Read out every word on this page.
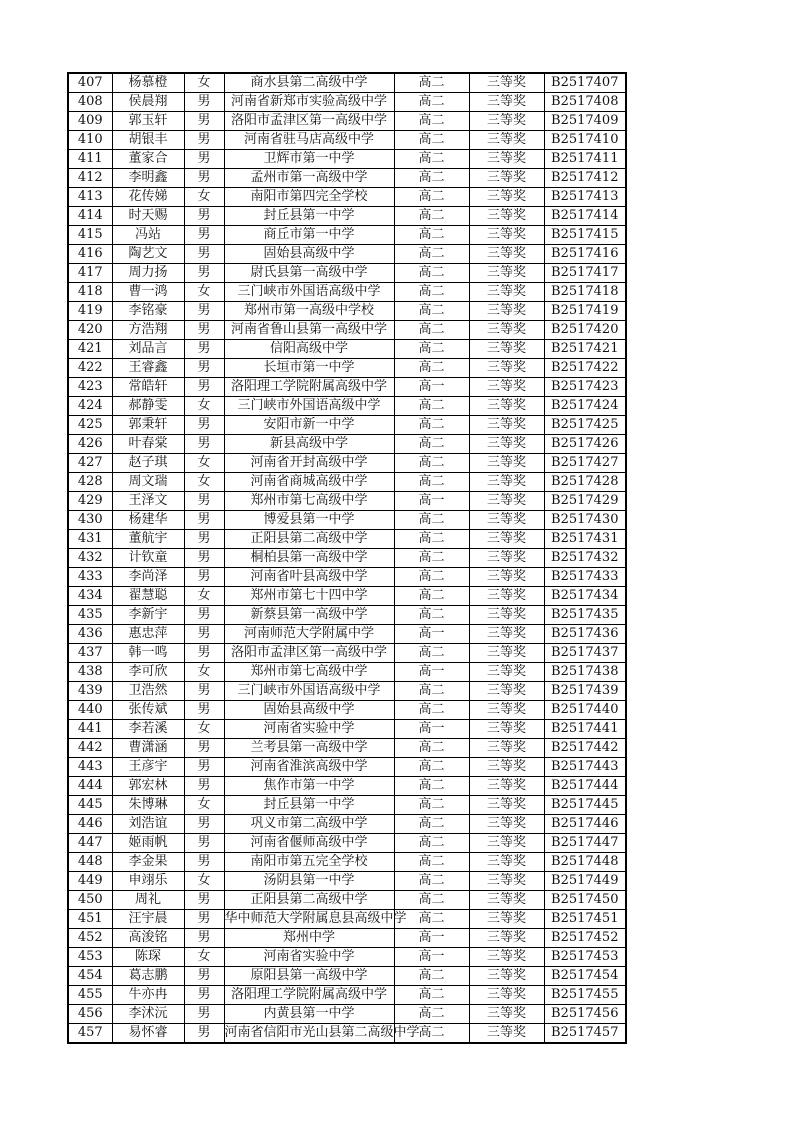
407	杨慕橙	女	商水县第二高级中学	高二	三等奖	B2517407
408	侯晨翔	男	河南省新郑市实验高级中学	高二	三等奖	B2517408
409	郭玉轩	男	洛阳市孟津区第一高级中学	高二	三等奖	B2517409
410	胡银丰	男	河南省驻马店高级中学	高二	三等奖	B2517410
411	董家合	男	卫辉市第一中学	高二	三等奖	B2517411
412	李明鑫	男	孟州市第一高级中学	高二	三等奖	B2517412
413	花传娣	女	南阳市第四完全学校	高二	三等奖	B2517413
414	时天赐	男	封丘县第一中学	高二	三等奖	B2517414
415	冯站	男	商丘市第一中学	高二	三等奖	B2517415
416	陶艺文	男	固始县高级中学	高二	三等奖	B2517416
417	周力扬	男	尉氏县第一高级中学	高二	三等奖	B2517417
418	曹一鸿	女	三门峡市外国语高级中学	高二	三等奖	B2517418
419	李铭豪	男	郑州市第一高级中学校	高二	三等奖	B2517419
420	方浩翔	男	河南省鲁山县第一高级中学	高二	三等奖	B2517420
421	刘品言	男	信阳高级中学	高二	三等奖	B2517421
422	王睿鑫	男	长垣市第一中学	高二	三等奖	B2517422
423	常皓轩	男	洛阳理工学院附属高级中学	高一	三等奖	B2517423
424	郝静雯	女	三门峡市外国语高级中学	高二	三等奖	B2517424
425	郭秉轩	男	安阳市新一中学	高二	三等奖	B2517425
426	叶春棠	男	新县高级中学	高二	三等奖	B2517426
427	赵子琪	女	河南省开封高级中学	高二	三等奖	B2517427
428	周文瑞	女	河南省商城高级中学	高二	三等奖	B2517428
429	王泽文	男	郑州市第七高级中学	高一	三等奖	B2517429
430	杨建华	男	博爱县第一中学	高二	三等奖	B2517430
431	董航宇	男	正阳县第二高级中学	高二	三等奖	B2517431
432	计钦童	男	桐柏县第一高级中学	高二	三等奖	B2517432
433	李尚泽	男	河南省叶县高级中学	高二	三等奖	B2517433
434	翟慧聪	女	郑州市第七十四中学	高二	三等奖	B2517434
435	李新宇	男	新蔡县第一高级中学	高二	三等奖	B2517435
436	惠忠萍	男	河南师范大学附属中学	高一	三等奖	B2517436
437	韩一鸣	男	洛阳市孟津区第一高级中学	高二	三等奖	B2517437
438	李可欣	女	郑州市第七高级中学	高一	三等奖	B2517438
439	卫浩然	男	三门峡市外国语高级中学	高二	三等奖	B2517439
440	张传斌	男	固始县高级中学	高二	三等奖	B2517440
441	李若溪	女	河南省实验中学	高一	三等奖	B2517441
442	曹潇涵	男	兰考县第一高级中学	高二	三等奖	B2517442
443	王彦宇	男	河南省淮滨高级中学	高二	三等奖	B2517443
444	郭宏林	男	焦作市第一中学	高二	三等奖	B2517444
445	朱博琳	女	封丘县第一中学	高二	三等奖	B2517445
446	刘浩谊	男	巩义市第二高级中学	高二	三等奖	B2517446
447	姬雨帆	男	河南省偃师高级中学	高二	三等奖	B2517447
448	李金果	男	南阳市第五完全学校	高二	三等奖	B2517448
449	申翊乐	女	汤阴县第一中学	高二	三等奖	B2517449
450	周礼	男	正阳县第二高级中学	高二	三等奖	B2517450
451	汪宇晨	男	华中师范大学附属息县高级中学	高二	三等奖	B2517451
452	高浚铭	男	郑州中学	高一	三等奖	B2517452
453	陈琛	女	河南省实验中学	高一	三等奖	B2517453
454	葛志鹏	男	原阳县第一高级中学	高二	三等奖	B2517454
455	牛亦冉	男	洛阳理工学院附属高级中学	高二	三等奖	B2517455
456	李沭沅	男	内黄县第一中学	高二	三等奖	B2517456
457	易怀睿	男	河南省信阳市光山县第二高级中学	高二	三等奖	B2517457
